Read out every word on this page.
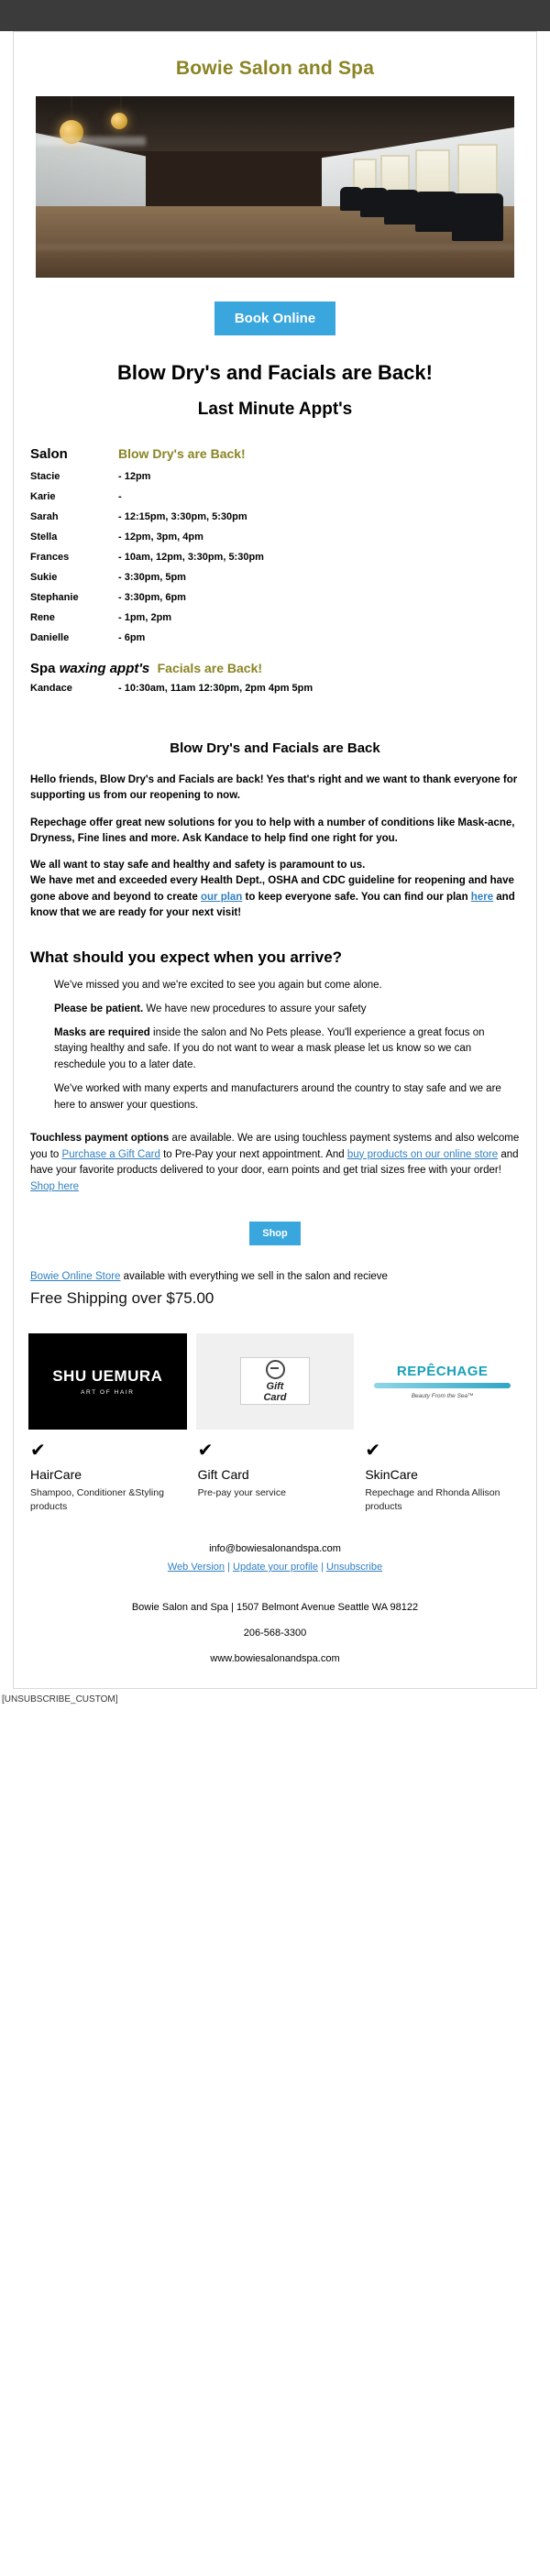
Bowie Salon and Spa
Book Online
Blow Dry's and Facials are Back!
Last Minute Appt's
Salon	Blow Dry's are Back!
Stacie	- 12pm
Karie	-
Sarah	- 12:15pm, 3:30pm, 5:30pm
Stella	- 12pm, 3pm, 4pm
Frances	- 10am, 12pm, 3:30pm, 5:30pm
Sukie	- 3:30pm, 5pm
Stephanie	- 3:30pm, 6pm
Rene	- 1pm, 2pm
Danielle	- 6pm
Spa waxing appt's Facials are Back!
Kandace	- 10:30am, 11am 12:30pm, 2pm 4pm 5pm
Blow Dry's and Facials are Back
Hello friends, Blow Dry's and Facials are back! Yes that's right and we want to thank everyone for supporting us from our reopening to now.
Repechage offer great new solutions for you to help with a number of conditions like Mask-acne, Dryness, Fine lines and more. Ask Kandace to help find one right for you.
We all want to stay safe and healthy and safety is paramount to us.
We have met and exceeded every Health Dept., OSHA and CDC guideline for reopening and have gone above and beyond to create our plan to keep everyone safe. You can find our plan here and know that we are ready for your next visit!
What should you expect when you arrive?
We've missed you and we're excited to see you again but come alone.
Please be patient. We have new procedures to assure your safety
Masks are required inside the salon and No Pets please. You'll experience a great focus on staying healthy and safe. If you do not want to wear a mask please let us know so we can reschedule you to a later date.
We've worked with many experts and manufacturers around the country to stay safe and we are here to answer your questions.
Touchless payment options are available. We are using touchless payment systems and also welcome you to Purchase a Gift Card to Pre-Pay your next appointment. And buy products on our online store and have your favorite products delivered to your door, earn points and get trial sizes free with your order! Shop here
Shop
Bowie Online Store available with everything we sell in the salon and recieve
Free Shipping over $75.00
SHU UEMURA
ART OF HAIR
✔
HairCare
Shampoo, Conditioner &Styling products
Gift
Card
✔
Gift Card
Pre-pay your service
REPÊCHAGE
Beauty From the Sea™
✔
SkinCare
Repechage and Rhonda Allison products
info@bowiesalonandspa.com
Web Version | Update your profile | Unsubscribe
Bowie Salon and Spa | 1507 Belmont Avenue Seattle WA 98122
206-568-3300
www.bowiesalonandspa.com
[UNSUBSCRIBE_CUSTOM]
